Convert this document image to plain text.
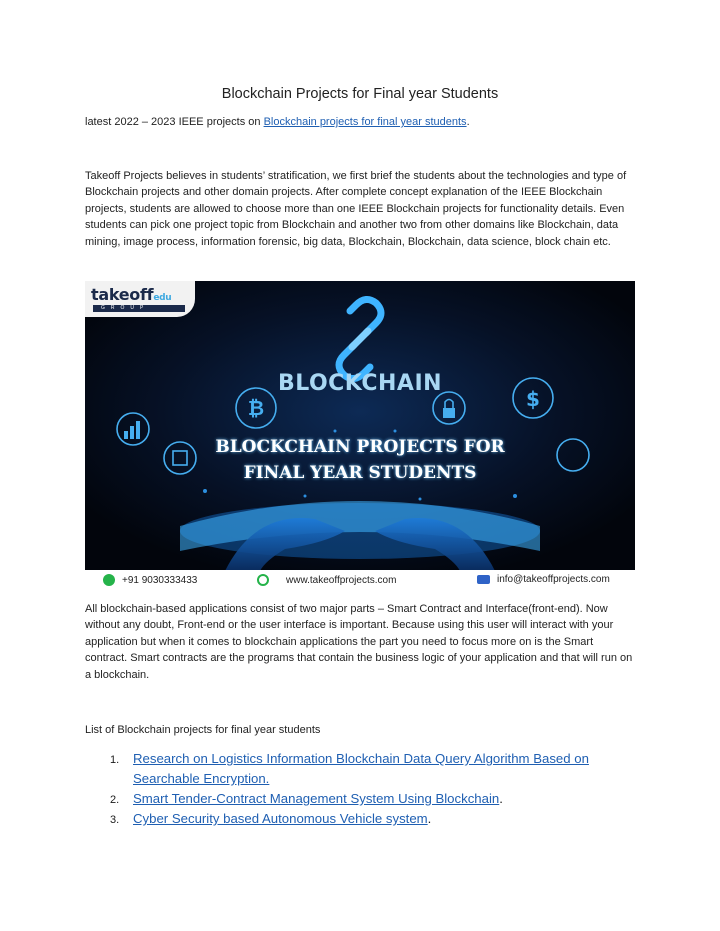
Blockchain Projects for Final year Students
latest 2022 – 2023 IEEE projects on Blockchain projects for final year students.
Takeoff Projects believes in students’ stratification, we first brief the students about the technologies and type of Blockchain projects and other domain projects. After complete concept explanation of the IEEE Blockchain projects, students are allowed to choose more than one IEEE Blockchain projects for functionality details. Even students can pick one project topic from Blockchain and another two from other domains like Blockchain, data mining, image process, information forensic, big data, Blockchain, Blockchain, data science, block chain etc.
₿	$
takeoffedu
GROUP
BLOCKCHAIN
BLOCKCHAIN PROJECTS FOR
FINAL YEAR STUDENTS
+91 9030333433	www.takeoffprojects.com	info@takeoffprojects.com
All blockchain-based applications consist of two major parts – Smart Contract and Interface(front-end). Now without any doubt, Front-end or the user interface is important. Because using this user will interact with your application but when it comes to blockchain applications the part you need to focus more on is the Smart contract. Smart contracts are the programs that contain the business logic of your application and that will run on a blockchain.
List of Blockchain projects for final year students
1. Research on Logistics Information Blockchain Data Query Algorithm Based on Searchable Encryption.
2. Smart Tender-Contract Management System Using Blockchain.
3. Cyber Security based Autonomous Vehicle system.
